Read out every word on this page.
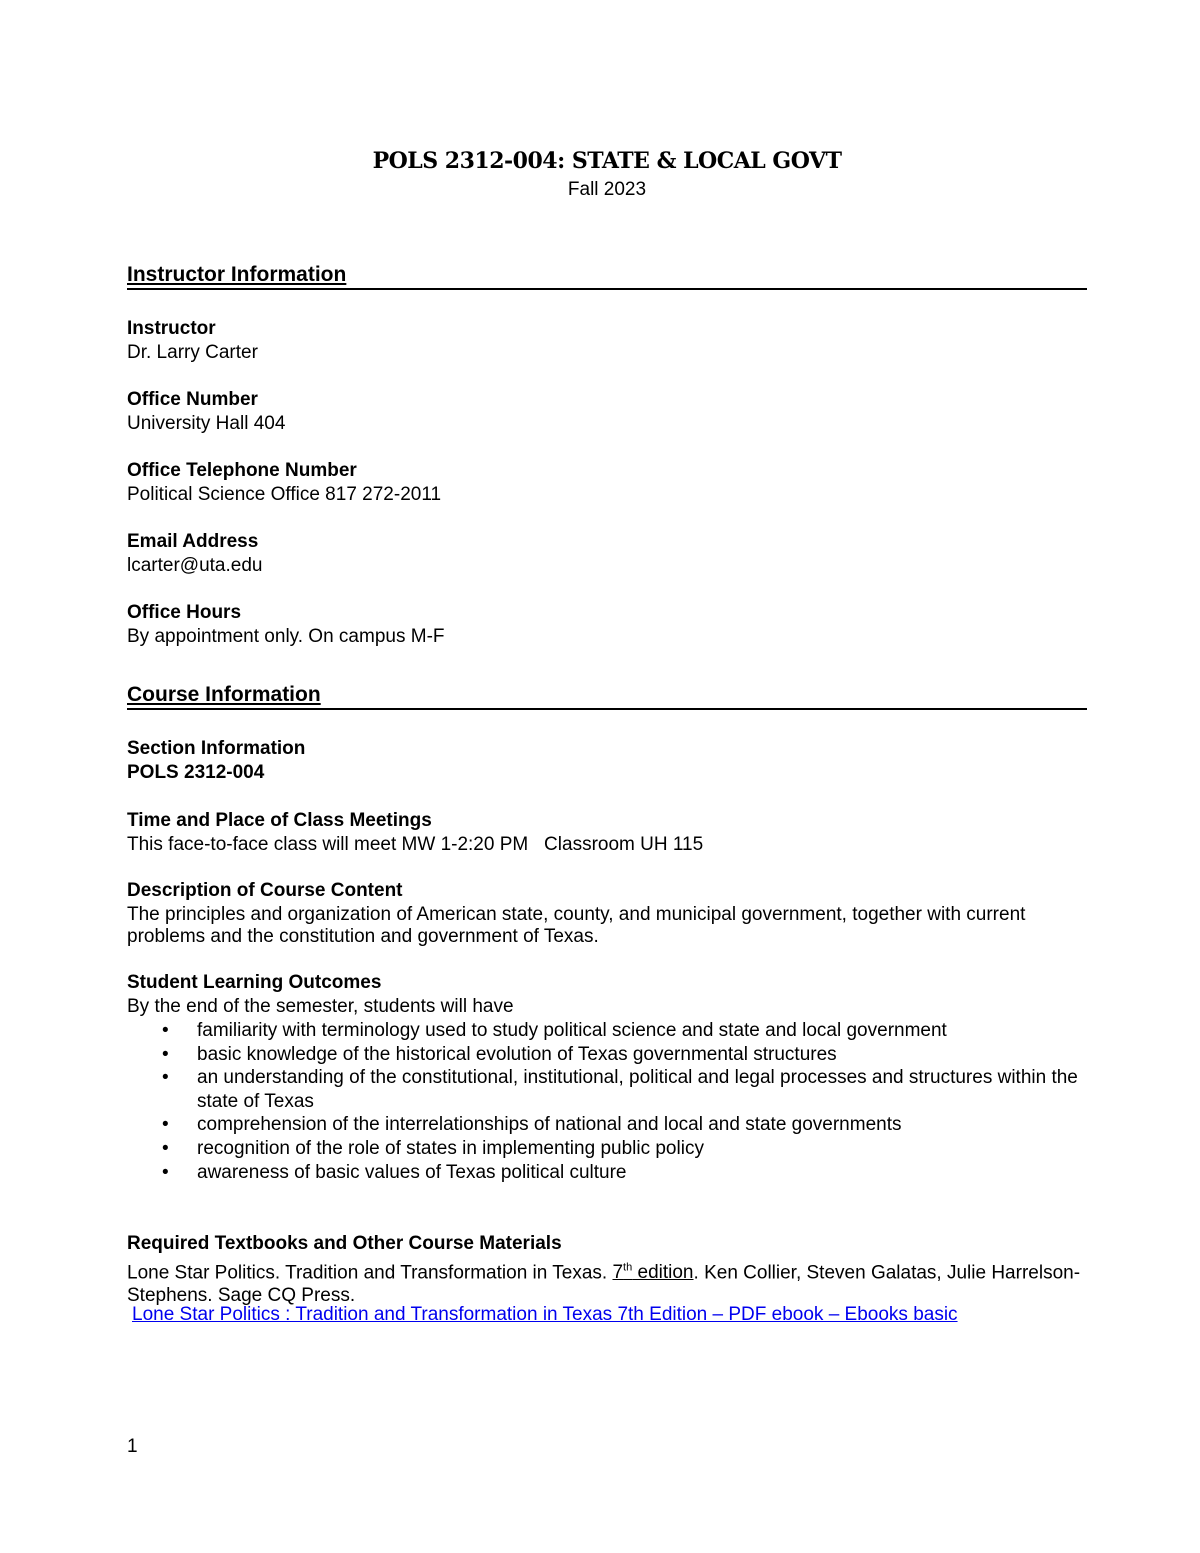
POLS 2312-004: STATE & LOCAL GOVT
Fall 2023
Instructor Information
Instructor
Dr. Larry Carter
Office Number
University Hall 404
Office Telephone Number
Political Science Office 817 272-2011
Email Address
lcarter@uta.edu
Office Hours
By appointment only. On campus M-F
Course Information
Section Information
POLS 2312-004
Time and Place of Class Meetings
This face-to-face class will meet MW 1-2:20 PM   Classroom UH 115
Description of Course Content
The principles and organization of American state, county, and municipal government, together with current problems and the constitution and government of Texas.
Student Learning Outcomes
By the end of the semester, students will have
• familiarity with terminology used to study political science and state and local government
• basic knowledge of the historical evolution of Texas governmental structures
• an understanding of the constitutional, institutional, political and legal processes and structures within the state of Texas
• comprehension of the interrelationships of national and local and state governments
• recognition of the role of states in implementing public policy
• awareness of basic values of Texas political culture
Required Textbooks and Other Course Materials
Lone Star Politics. Tradition and Transformation in Texas. 7th edition. Ken Collier, Steven Galatas, Julie Harrelson-Stephens. Sage CQ Press.
Lone Star Politics : Tradition and Transformation in Texas 7th Edition – PDF ebook – Ebooks basic
1
